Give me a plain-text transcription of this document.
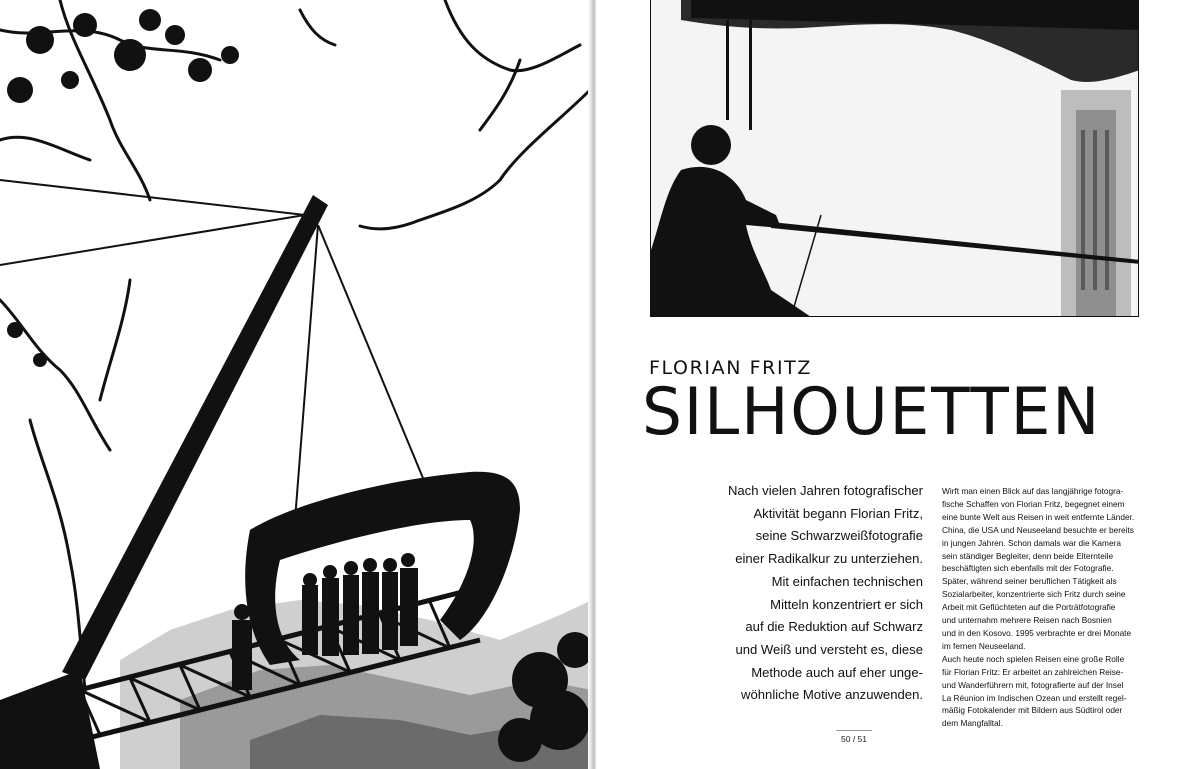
FLORIAN FRITZ
SILHOUETTEN
Nach vielen Jahren fotografischer
Aktivität begann Florian Fritz,
seine Schwarzweißfotografie
einer Radikalkur zu unterziehen.
Mit einfachen technischen
Mitteln konzentriert er sich
auf die Reduktion auf Schwarz
und Weiß und versteht es, diese
Methode auch auf eher unge-
wöhnliche Motive anzuwenden.
Wirft man einen Blick auf das langjährige fotogra-
fische Schaffen von Florian Fritz, begegnet einem
eine bunte Welt aus Reisen in weit entfernte Länder.
China, die USA und Neuseeland besuchte er bereits
in jungen Jahren. Schon damals war die Kamera
sein ständiger Begleiter, denn beide Elternteile
beschäftigten sich ebenfalls mit der Fotografie.
Später, während seiner beruflichen Tätigkeit als
Sozialarbeiter, konzentrierte sich Fritz durch seine
Arbeit mit Geflüchteten auf die Porträtfotografie
und unternahm mehrere Reisen nach Bosnien
und in den Kosovo. 1995 verbrachte er drei Monate
im fernen Neuseeland.
Auch heute noch spielen Reisen eine große Rolle
für Florian Fritz: Er arbeitet an zahlreichen Reise-
und Wanderführern mit, fotografierte auf der Insel
La Réunion im Indischen Ozean und erstellt regel-
mäßig Fotokalender mit Bildern aus Südtirol oder
dem Mangfalltal.
50 / 51
